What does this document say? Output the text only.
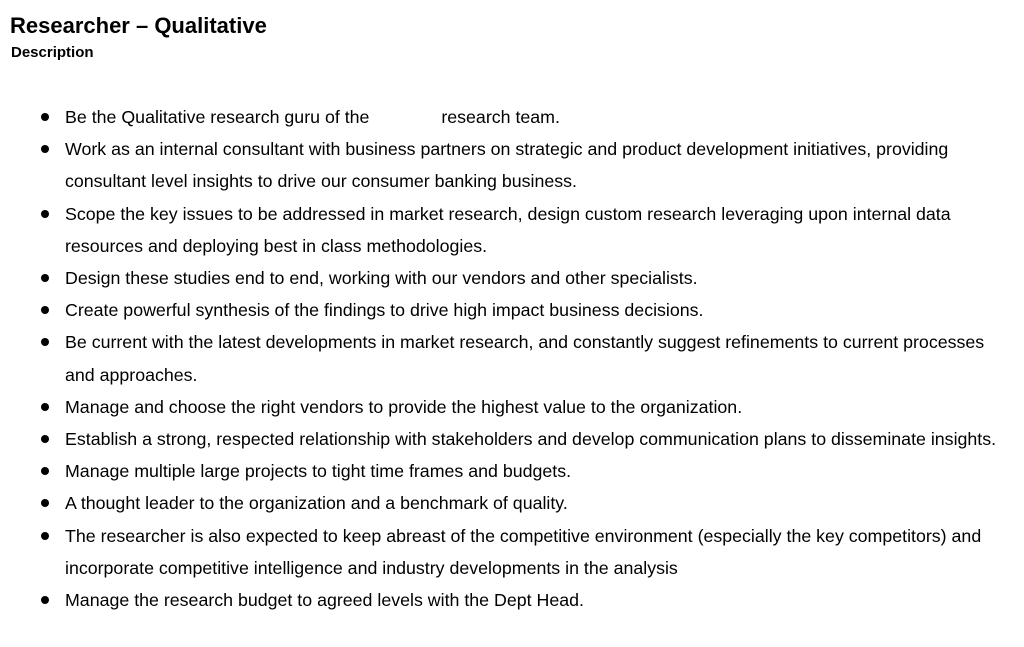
Researcher – Qualitative
Description
Be the Qualitative research guru of the	research team.
Work as an internal consultant with business partners on strategic and product development initiatives, providing consultant level insights to drive our consumer banking business.
Scope the key issues to be addressed in market research, design custom research leveraging upon internal data resources and deploying best in class methodologies.
Design these studies end to end, working with our vendors and other specialists.
Create powerful synthesis of the findings to drive high impact business decisions.
Be current with the latest developments in market research, and constantly suggest refinements to current processes and approaches.
Manage and choose the right vendors to provide the highest value to the organization.
Establish a strong, respected relationship with stakeholders and develop communication plans to disseminate insights.
Manage multiple large projects to tight time frames and budgets.
A thought leader to the organization and a benchmark of quality.
The researcher is also expected to keep abreast of the competitive environment (especially the key competitors) and incorporate competitive intelligence and industry developments in the analysis
Manage the research budget to agreed levels with the Dept Head.
